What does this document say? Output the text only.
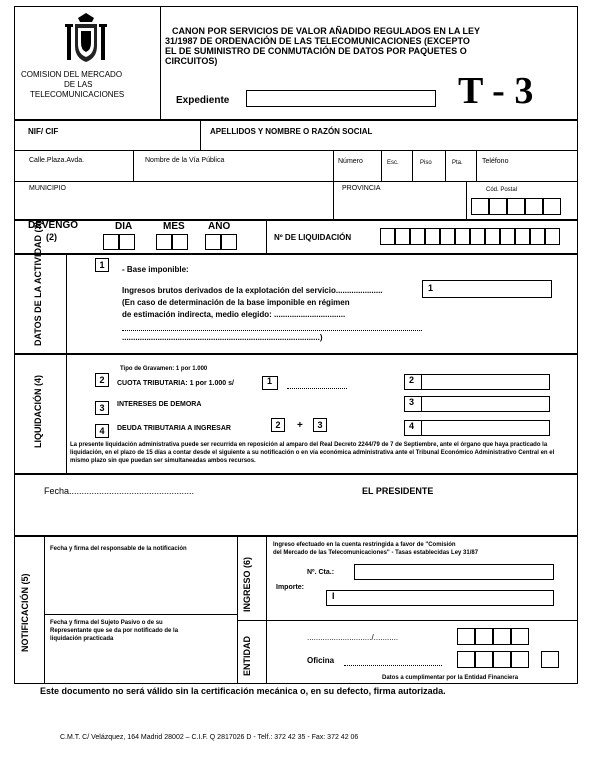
COMISION DEL MERCADO
DE LAS
TELECOMUNICACIONES
CANON POR SERVICIOS DE VALOR AÑADIDO REGULADOS EN LA LEY
31/1987 DE ORDENACIÓN DE LAS TELECOMUNICACIONES (EXCEPTO
EL DE SUMINISTRO DE CONMUTACIÓN DE DATOS POR PAQUETES O
CIRCUITOS)
Expediente	T - 3
NIF/ CIF	APELLIDOS Y NOMBRE O RAZÓN SOCIAL
Calle.Plaza.Avda.	Nombre de la Vía Pública	Número	Esc.	Piso	Pta.	Teléfono
MUNICIPIO	PROVINCIA	Cód. Postal
DEVENGO
(2)
DIA	MES AÑO
Nº DE LIQUIDACIÓN
DATOS DE LA ACTIVIDAD (3)	1	- Base imponible:
Ingresos brutos derivados de la explotación del servicio.....................
(En caso de determinación de la base imponible en régimen
de estimación indirecta, medio elegido: ................................
.........................................................................................)
1
LIQUIDACIÓN (4)
Tipo de Gravamen: 1 por 1.000
2	CUOTA TRIBUTARIA: 1 por 1.000 s/	1	2
3	INTERESES DE DEMORA	3
4	DEUDA TRIBUTARIA A INGRESAR	2	+	3	4
La presente liquidación administrativa puede ser recurrida en reposición al amparo del Real Decreto 2244/79 de 7 de Septiembre, ante el órgano que haya practicado la liquidación, en el plazo de 15 días a contar desde el siguiente a su notificación o en vía económica administrativa ante el Tribunal Económico Administrativo Central en el mismo plazo sin que puedan ser simultaneadas ambos recursos.
Fecha..................................................	EL PRESIDENTE
NOTIFICACIÓN (5)
Fecha y firma del responsable de la notificación
Fecha y firma del Sujeto Pasivo o de su
Representante que se da por notificado de la
liquidación practicada
INGRESO (6)
ENTIDAD
Ingreso efectuado en la cuenta restringida a favor de "Comisión
del Mercado de las Telecomunicaciones" - Tasas establecidas Ley 31/87
Nº. Cta.:
Importe:
I
............................./...........
Oficina
Datos a cumplimentar por la Entidad Financiera
Este documento no será válido sin la certificación mecánica o, en su defecto, firma autorizada.
C.M.T. C/ Velázquez, 164 Madrid 28002 – C.I.F. Q 2817026 D - Telf.: 372 42 35 - Fax: 372 42 06
